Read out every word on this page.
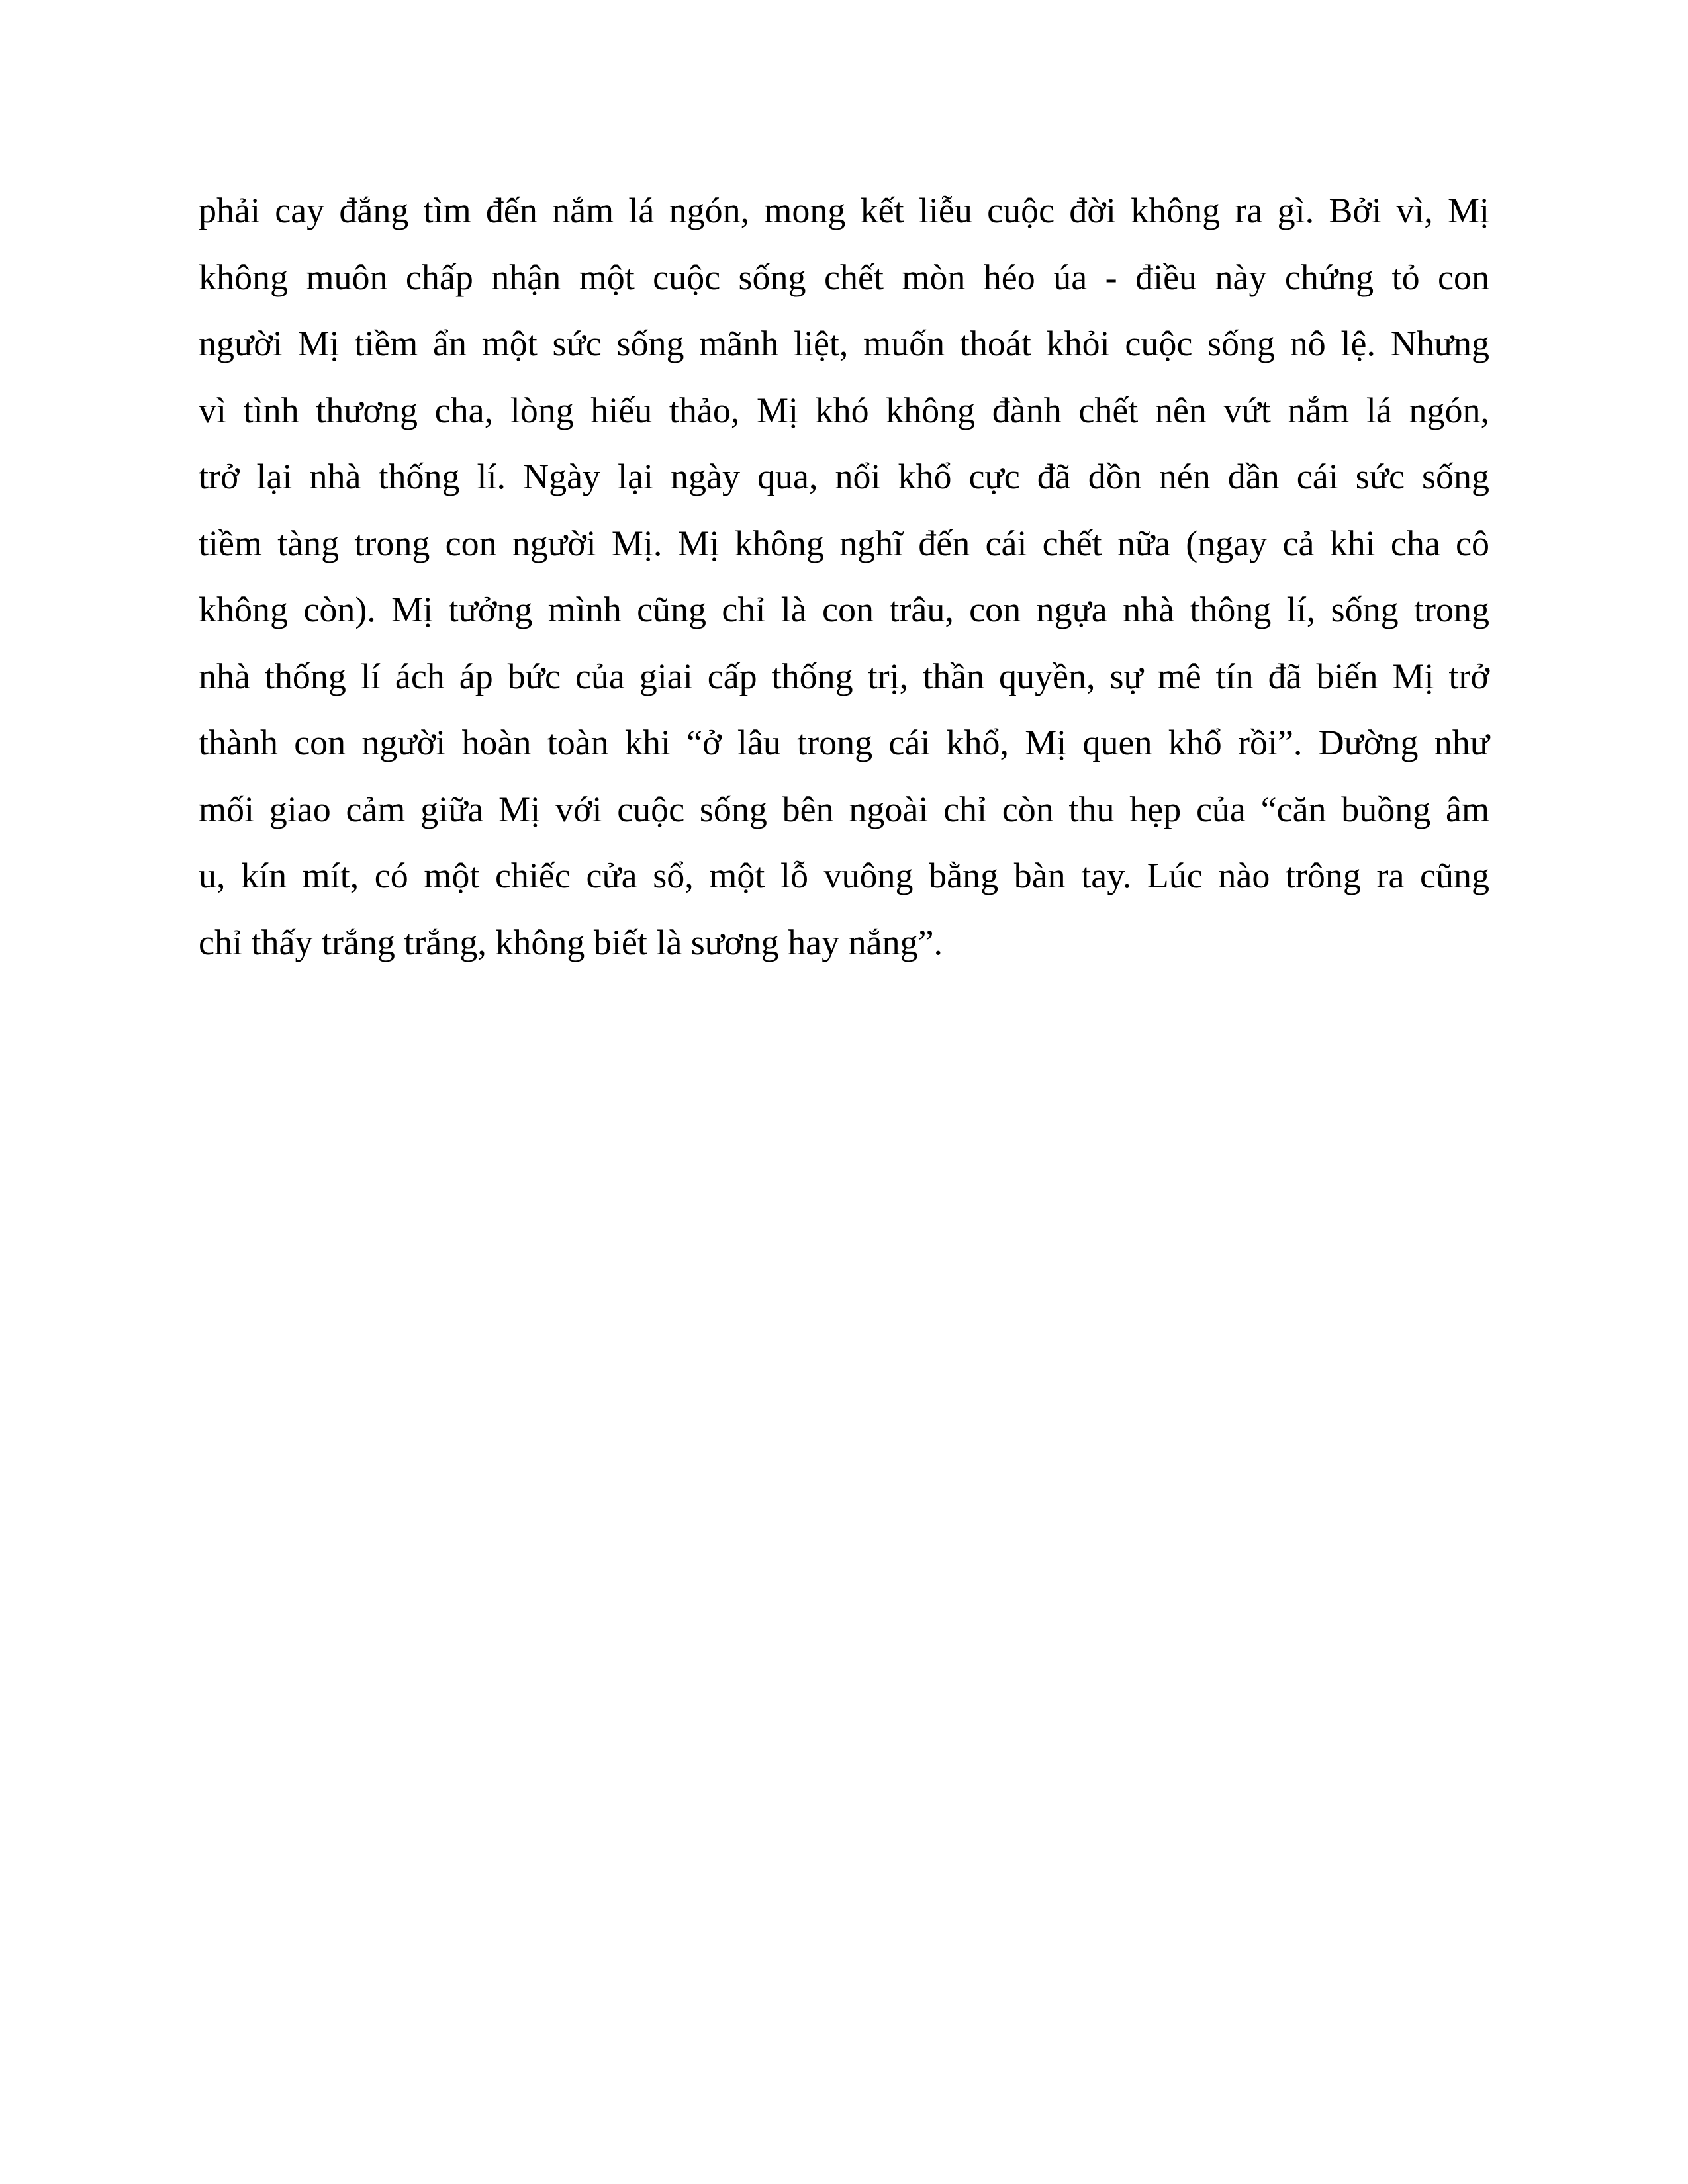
phải cay đắng tìm đến nắm lá ngón, mong kết liễu cuộc đời không ra gì. Bởi vì, Mị
không muôn chấp nhận một cuộc sống chết mòn héo úa - điều này chứng tỏ con
người Mị tiềm ẩn một sức sống mãnh liệt, muốn thoát khỏi cuộc sống nô lệ. Nhưng
vì tình thương cha, lòng hiếu thảo, Mị khó không đành chết nên vứt nắm lá ngón,
trở lại nhà thống lí. Ngày lại ngày qua, nổi khổ cực đã dồn nén dần cái sức sống
tiềm tàng trong con người Mị. Mị không nghĩ đến cái chết nữa (ngay cả khi cha cô
không còn). Mị tưởng mình cũng chỉ là con trâu, con ngựa nhà thông lí, sống trong
nhà thống lí ách áp bức của giai cấp thống trị, thần quyền, sự mê tín đã biến Mị trở
thành con người hoàn toàn khi “ở lâu trong cái khổ, Mị quen khổ rồi”. Dường như
mối giao cảm giữa Mị với cuộc sống bên ngoài chỉ còn thu hẹp của “căn buồng âm
u, kín mít, có một chiếc cửa sổ, một lỗ vuông bằng bàn tay. Lúc nào trông ra cũng
chỉ thấy trắng trắng, không biết là sương hay nắng”.
